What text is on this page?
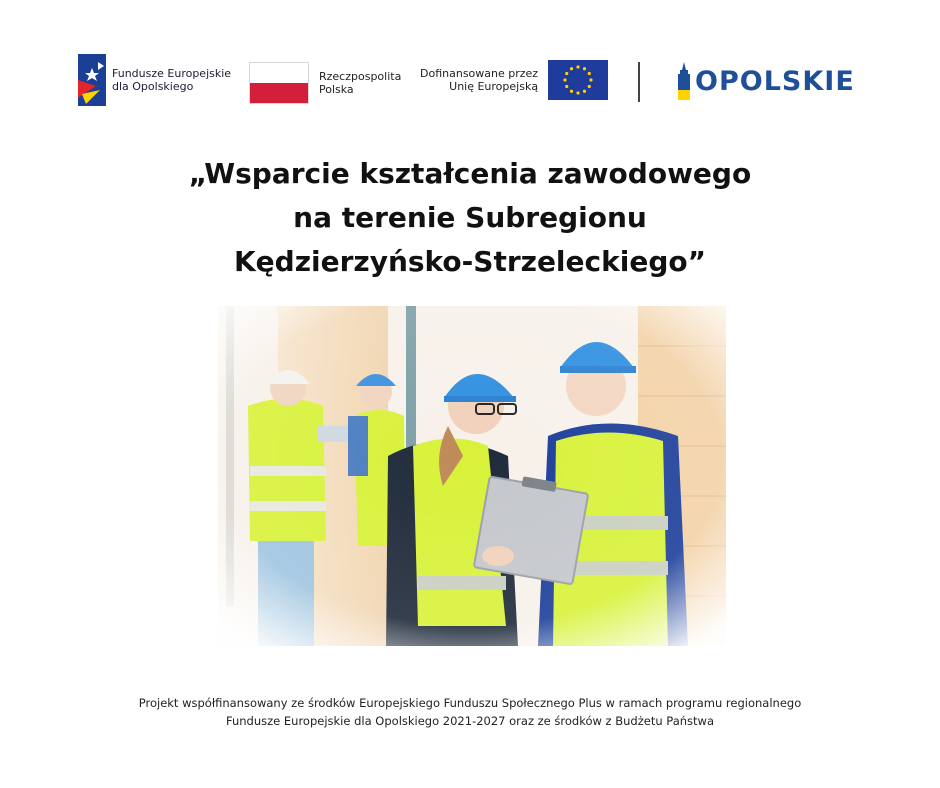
Fundusze Europejskie
dla Opolskiego
Rzeczpospolita
Polska
Dofinansowane przez
Unię Europejską	OPOLSKIE
„Wsparcie kształcenia zawodowego
na terenie Subregionu
Kędzierzyńsko-Strzeleckiego”
Projekt współfinansowany ze środków Europejskiego Funduszu Społecznego Plus w ramach programu regionalnego
Fundusze Europejskie dla Opolskiego 2021-2027 oraz ze środków z Budżetu Państwa
